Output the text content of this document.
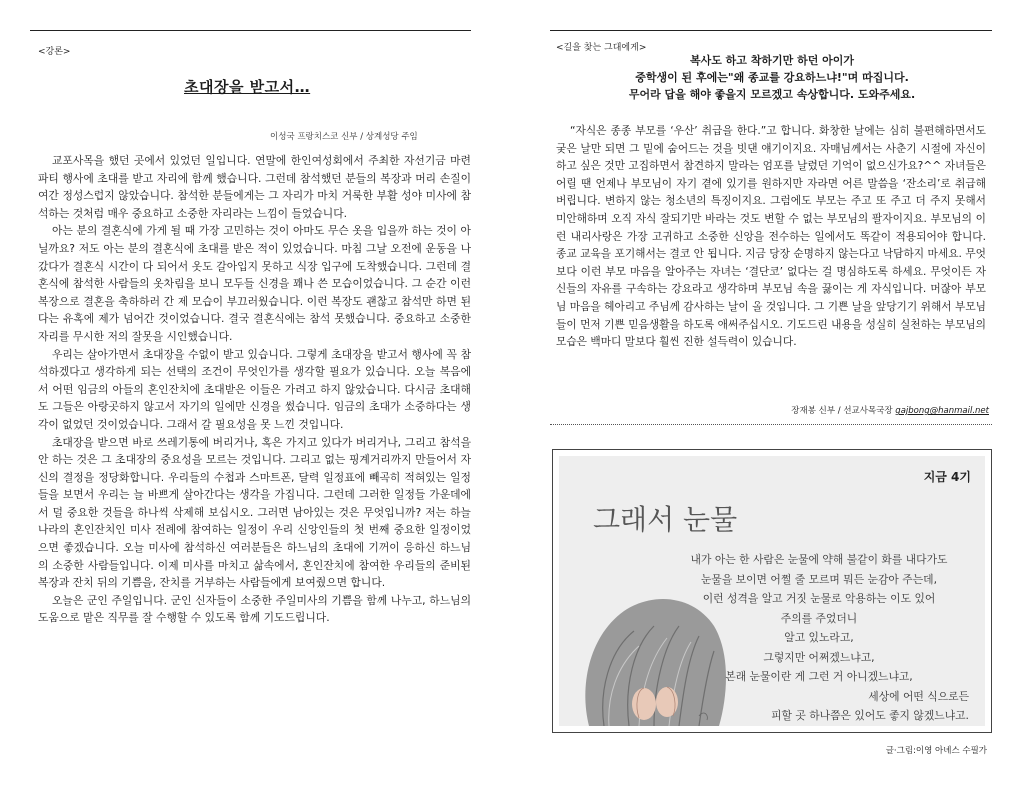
<강론>
초대장을 받고서…
이성국 프랑치스코 신부 / 상계성당 주임

교포사목을 했던 곳에서 있었던 일입니다. 연말에 한인여성회에서 주최한 자선기금 마련 파티 행사에 초대를 받고 자리에 함께 했습니다. 그런데 참석했던 분들의 복장과 머리 손질이 여간 정성스럽지 않았습니다. 참석한 분들에게는 그 자리가 마치 거룩한 부활 성야 미사에 참석하는 것처럼 매우 중요하고 소중한 자리라는 느낌이 들었습니다.

아는 분의 결혼식에 가게 될 때 가장 고민하는 것이 아마도 무슨 옷을 입을까 하는 것이 아닐까요? 저도 아는 분의 결혼식에 초대를 받은 적이 있었습니다. 마침 그날 오전에 운동을 나갔다가 결혼식 시간이 다 되어서 옷도 갈아입지 못하고 식장 입구에 도착했습니다. 그런데 결혼식에 참석한 사람들의 옷차림을 보니 모두들 신경을 꽤나 쓴 모습이었습니다. 그 순간 이런 복장으로 결혼을 축하하러 간 제 모습이 부끄러웠습니다. 이런 복장도 괜찮고 참석만 하면 된다는 유혹에 제가 넘어간 것이었습니다. 결국 결혼식에는 참석 못했습니다. 중요하고 소중한 자리를 무시한 저의 잘못을 시인했습니다.

우리는 살아가면서 초대장을 수없이 받고 있습니다. 그렇게 초대장을 받고서 행사에 꼭 참석하겠다고 생각하게 되는 선택의 조건이 무엇인가를 생각할 필요가 있습니다. 오늘 복음에서 어떤 임금의 아들의 혼인잔치에 초대받은 이들은 가려고 하지 않았습니다. 다시금 초대해도 그들은 아랑곳하지 않고서 자기의 일에만 신경을 썼습니다. 임금의 초대가 소중하다는 생각이 없었던 것이었습니다. 그래서 갈 필요성을 못 느낀 것입니다.

초대장을 받으면 바로 쓰레기통에 버리거나, 혹은 가지고 있다가 버리거나, 그리고 참석을 안 하는 것은 그 초대장의 중요성을 모르는 것입니다. 그리고 없는 핑계거리까지 만들어서 자신의 결정을 정당화합니다. 우리들의 수첩과 스마트폰, 달력 일정표에 빼곡히 적혀있는 일정들을 보면서 우리는 늘 바쁘게 살아간다는 생각을 가집니다. 그런데 그러한 일정들 가운데에서 덜 중요한 것들을 하나씩 삭제해 보십시오. 그러면 남아있는 것은 무엇입니까? 저는 하늘나라의 혼인잔치인 미사 전례에 참여하는 일정이 우리 신앙인들의 첫 번째 중요한 일정이었으면 좋겠습니다. 오늘 미사에 참석하신 여러분들은 하느님의 초대에 기꺼이 응하신 하느님의 소중한 사람들입니다. 이제 미사를 마치고 삶속에서, 혼인잔치에 참여한 우리들의 준비된 복장과 잔치 뒤의 기쁨을, 잔치를 거부하는 사람들에게 보여줬으면 합니다.

오늘은 군인 주일입니다. 군인 신자들이 소중한 주일미사의 기쁨을 함께 나누고, 하느님의 도움으로 맡은 직무를 잘 수행할 수 있도록 함께 기도드립니다.

<길을 찾는 그대에게>
복사도 하고 착하기만 하던 아이가
중학생이 된 후에는"왜 종교를 강요하느냐!"며 따집니다.
무어라 답을 해야 좋을지 모르겠고 속상합니다. 도와주세요.

“자식은 종종 부모를 ‘우산’ 취급을 한다.”고 합니다. 화창한 날에는 심히 불편해하면서도 궂은 날만 되면 그 밑에 숨어드는 것을 빗댄 얘기이지요. 자매님께서는 사춘기 시절에 자신이 하고 싶은 것만 고집하면서 참견하지 말라는 엄포를 날렸던 기억이 없으신가요?^^ 자녀들은 어릴 땐 언제나 부모님이 자기 곁에 있기를 원하지만 자라면 어른 말씀을 ‘잔소리’로 취급해 버립니다. 변하지 않는 청소년의 특징이지요. 그럼에도 부모는 주고 또 주고 더 주지 못해서 미안해하며 오직 자식 잘되기만 바라는 것도 변할 수 없는 부모님의 팔자이지요. 부모님의 이런 내리사랑은 가장 고귀하고 소중한 신앙을 전수하는 일에서도 똑같이 적용되어야 합니다. 종교 교육을 포기해서는 결코 안 됩니다. 지금 당장 순명하지 않는다고 낙담하지 마세요. 무엇보다 이런 부모 마음을 알아주는 자녀는 ‘결단코’ 없다는 걸 명심하도록 하세요. 무엇이든 자신들의 자유를 구속하는 강요라고 생각하며 부모님 속을 끓이는 게 자식입니다. 머잖아 부모님 마음을 헤아리고 주님께 감사하는 날이 올 것입니다. 그 기쁜 날을 앞당기기 위해서 부모님들이 먼저 기쁜 믿음생활을 하도록 애써주십시오. 기도드린 내용을 성실히 실천하는 부모님의 모습은 백마디 말보다 훨씬 진한 설득력이 있습니다.

장재봉 신부 / 선교사목국장 gajbong@hanmail.net
지금 4기
그래서 눈물
내가 아는 한 사람은 눈물에 약해 불같이 화를 내다가도
눈물을 보이면 어쩔 줄 모르며 뭐든 눈감아 주는데,
이런 성격을 알고 거짓 눈물로 악용하는 이도 있어
주의를 주었더니
알고 있노라고,
그렇지만 어쩌겠느냐고,
본래 눈물이란 게 그런 거 아니겠느냐고,
세상에 어떤 식으로든
피할 곳 하나쯤은 있어도 좋지 않겠느냐고.
글·그림:이영 아녜스 수필가
